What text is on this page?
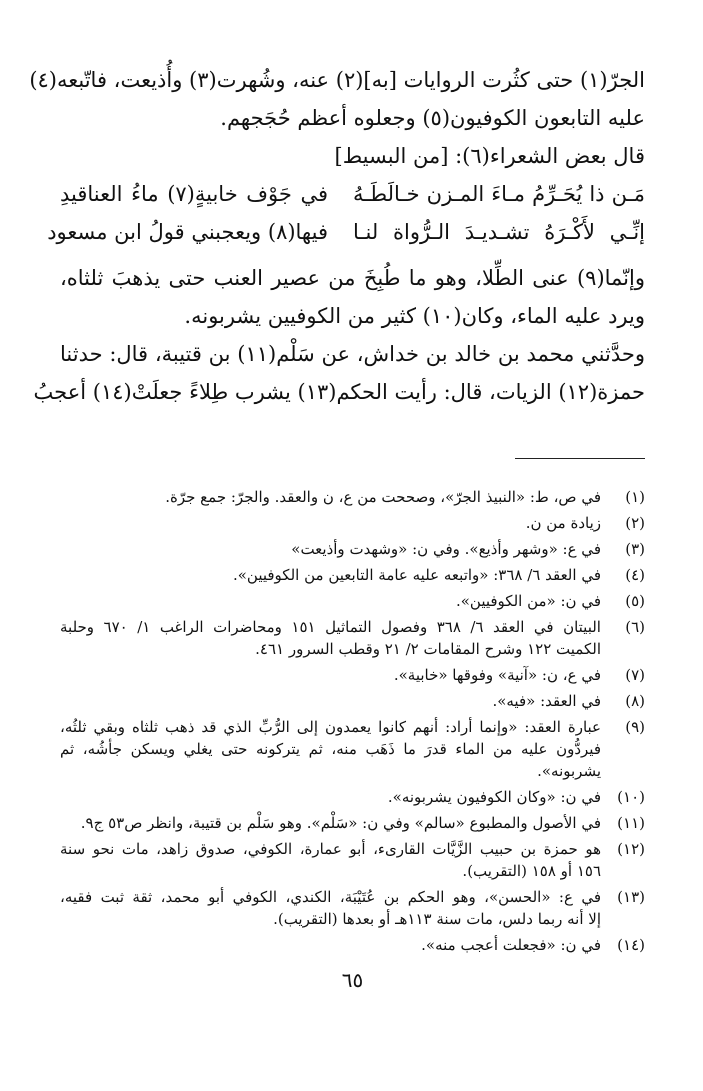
الجرّ(١) حتى كثُرت الروايات [به](٢) عنه، وشُهرت(٣) وأُذيعت، فاتّبعه(٤)
عليه التابعون الكوفيون(٥) وجعلوه أعظم حُجَجهم.
قال بعض الشعراء(٦): [من البسيط]
مَـن ذا يُحَـرِّمُ مـاءَ المـزن خـالَطَـهُ
في جَوْف خابيةٍ(٧) ماءُ العناقيدِ
إنِّـي لأَكْـرَهُ تشـديـدَ الـرُّواة لنـا
فيها(٨) ويعجبني قولُ ابن مسعود
وإنّما(٩) عنى الطِّلا، وهو ما طُبِخَ من عصير العنب حتى يذهبَ ثلثاه،
ويرد عليه الماء، وكان(١٠) كثير من الكوفيين يشربونه.
وحدَّثني محمد بن خالد بن خداش، عن سَلْم(١١) بن قتيبة، قال: حدثنا
حمزة(١٢) الزيات، قال: رأيت الحكم(١٣) يشرب طِلاءً جعلَتْ(١٤) أعجبُ
(١)
في ص، ط: «النبيذ الجرّ»، وصححت من ع، ن والعقد. والجرّ: جمع جرّة.
(٢)
زيادة من ن.
(٣)
في ع: «وشهر وأذيع». وفي ن: «وشهدت وأذيعت»
(٤)
في العقد ٦/ ٣٦٨: «واتبعه عليه عامة التابعين من الكوفيين».
(٥)
في ن: «من الكوفيين».
(٦)
البيتان في العقد ٦/ ٣٦٨ وفصول التماثيل ١٥١ ومحاضرات الراغب ١/ ٦٧٠ وحلبة
الكميت ١٢٢ وشرح المقامات ٢/ ٢١ وقطب السرور ٤٦١.
(٧)
في ع، ن: «آنية» وفوقها «خابية».
(٨)
في العقد: «فيه».
(٩)
عبارة العقد: «وإنما أراد: أنهم كانوا يعمدون إلى الرُّبِّ الذي قد ذهب ثلثاه وبقي ثلثُه،
فيردُّون عليه من الماء قدرَ ما ذَهَب منه، ثم يتركونه حتى يغلي ويسكن جأشُه، ثم
يشربونه».
(١٠)
في ن: «وكان الكوفيون يشربونه».
(١١)
في الأصول والمطبوع «سالم» وفي ن: «سَلْم». وهو سَلْم بن قتيبة، وانظر ص٥٣ ج٩.
(١٢)
هو حمزة بن حبيب الزَّيَّات القارىء، أبو عمارة، الكوفي، صدوق زاهد، مات نحو سنة
١٥٦ أو ١٥٨ (التقريب).
(١٣)
في ع: «الحسن»، وهو الحكم بن عُتَيْبَة، الكندي، الكوفي أبو محمد، ثقة ثبت فقيه،
إلا أنه ربما دلس، مات سنة ١١٣هـ أو بعدها (التقريب).
(١٤)
في ن: «فجعلت أعجب منه».
٦٥
